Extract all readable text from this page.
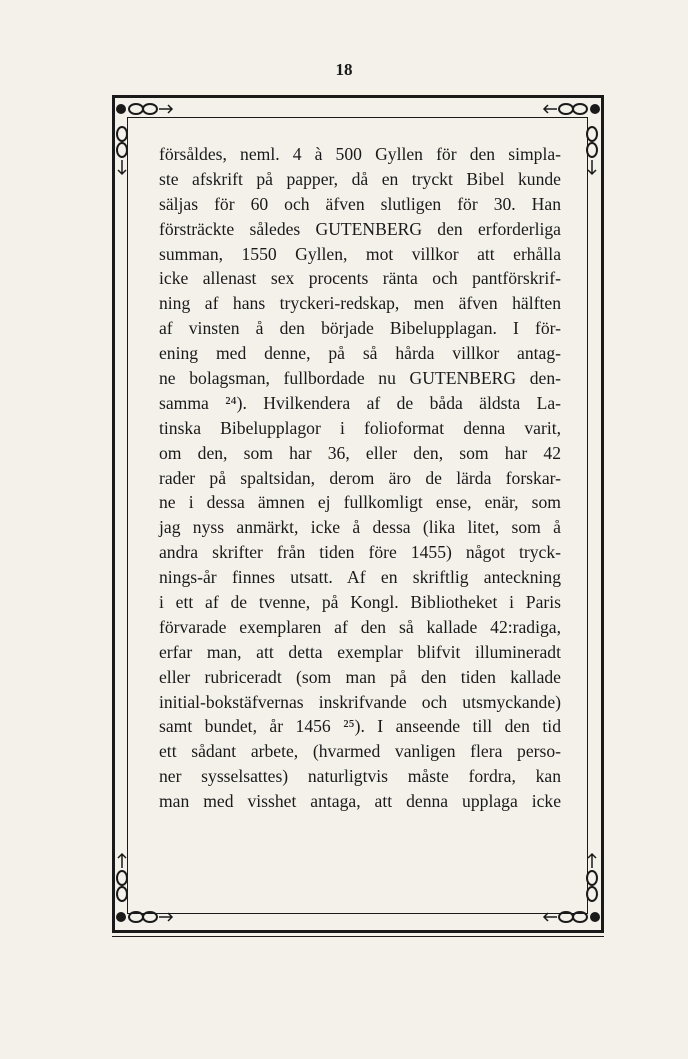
18
försåldes, neml. 4 à 500 Gyllen för den simpla-
ste afskrift på papper, då en tryckt Bibel kunde
säljas för 60 och äfven slutligen för 30. Han
försträckte således GUTENBERG den erforderliga
summan, 1550 Gyllen, mot villkor att erhålla
icke allenast sex procents ränta och pantförskrif-
ning af hans tryckeri-redskap, men äfven hälften
af vinsten å den började Bibelupplagan. I för-
ening med denne, på så hårda villkor antag-
ne bolagsman, fullbordade nu GUTENBERG den-
samma ²⁴). Hvilkendera af de båda äldsta La-
tinska Bibelupplagor i folioformat denna varit,
om den, som har 36, eller den, som har 42
rader på spaltsidan, derom äro de lärda forskar-
ne i dessa ämnen ej fullkomligt ense, enär, som
jag nyss anmärkt, icke å dessa (lika litet, som å
andra skrifter från tiden före 1455) något tryck-
nings-år finnes utsatt. Af en skriftlig anteckning
i ett af de tvenne, på Kongl. Bibliotheket i Paris
förvarade exemplaren af den så kallade 42:radiga,
erfar man, att detta exemplar blifvit illumineradt
eller rubriceradt (som man på den tiden kallade
initial-bokstäfvernas inskrifvande och utsmyckande)
samt bundet, år 1456 ²⁵). I anseende till den tid
ett sådant arbete, (hvarmed vanligen flera perso-
ner sysselsattes) naturligtvis måste fordra, kan
man med visshet antaga, att denna upplaga icke
